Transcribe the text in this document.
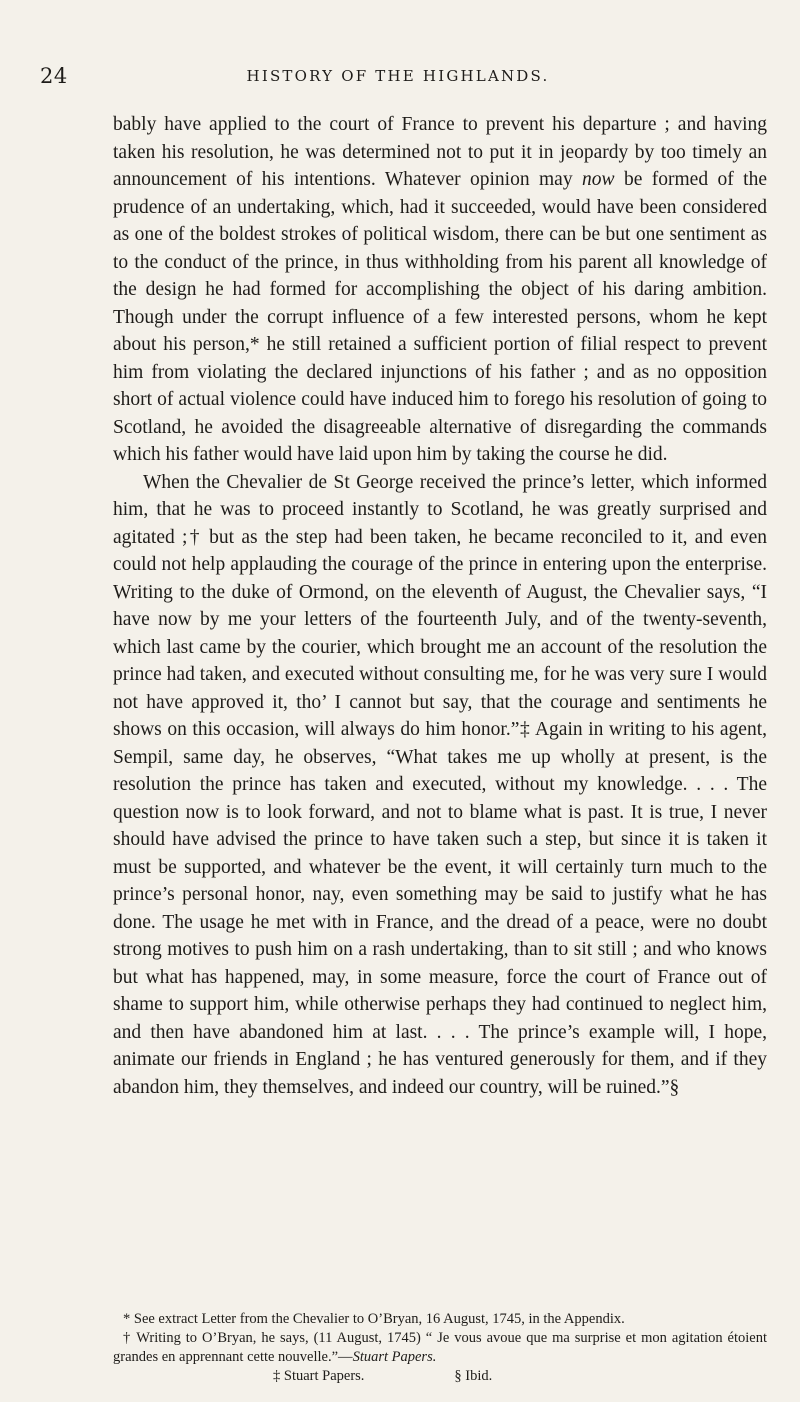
24	HISTORY OF THE HIGHLANDS.

bably have applied to the court of France to prevent his departure ; and having taken his resolution, he was determined not to put it in jeopardy by too timely an announcement of his intentions. Whatever opinion may now be formed of the prudence of an undertaking, which, had it succeeded, would have been considered as one of the boldest strokes of political wisdom, there can be but one sentiment as to the conduct of the prince, in thus withholding from his parent all knowledge of the design he had formed for accomplishing the object of his daring ambition. Though under the corrupt influence of a few interested persons, whom he kept about his person,* he still retained a sufficient portion of filial respect to prevent him from violating the declared injunctions of his father ; and as no opposition short of actual violence could have induced him to forego his resolution of going to Scotland, he avoided the disagreeable alternative of disregarding the commands which his father would have laid upon him by taking the course he did.

When the Chevalier de St George received the prince’s letter, which informed him, that he was to proceed instantly to Scotland, he was greatly surprised and agitated ;† but as the step had been taken, he became reconciled to it, and even could not help applauding the courage of the prince in entering upon the enterprise. Writing to the duke of Ormond, on the eleventh of August, the Chevalier says, “I have now by me your letters of the fourteenth July, and of the twenty-seventh, which last came by the courier, which brought me an account of the resolution the prince had taken, and executed without consulting me, for he was very sure I would not have approved it, tho’ I cannot but say, that the courage and sentiments he shows on this occasion, will always do him honor.”‡ Again in writing to his agent, Sempil, same day, he observes, “What takes me up wholly at present, is the resolution the prince has taken and executed, without my knowledge. . . . The question now is to look forward, and not to blame what is past. It is true, I never should have advised the prince to have taken such a step, but since it is taken it must be supported, and whatever be the event, it will certainly turn much to the prince’s personal honor, nay, even something may be said to justify what he has done. The usage he met with in France, and the dread of a peace, were no doubt strong motives to push him on a rash undertaking, than to sit still ; and who knows but what has happened, may, in some measure, force the court of France out of shame to support him, while otherwise perhaps they had continued to neglect him, and then have abandoned him at last. . . . The prince’s example will, I hope, animate our friends in England ; he has ventured generously for them, and if they abandon him, they themselves, and indeed our country, will be ruined.”§

* See extract Letter from the Chevalier to O’Bryan, 16 August, 1745, in the Appendix.

† Writing to O’Bryan, he says, (11 August, 1745) “ Je vous avoue que ma surprise et mon agitation étoient grandes en apprennant cette nouvelle.”—Stuart Papers.

‡ Stuart Papers.	§ Ibid.
